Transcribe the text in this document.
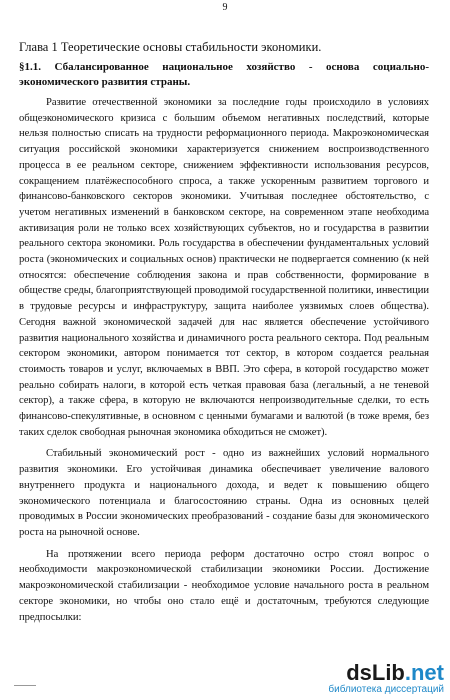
9
Глава 1 Теоретические основы стабильности экономики.
§1.1. Сбалансированное национальное хозяйство - основа социально-экономического развития страны.

Развитие отечественной экономики за последние годы происходило в условиях общеэкономического кризиса с большим объемом негативных последствий, которые нельзя полностью списать на трудности реформационного периода. Макроэкономическая ситуация российской экономики характеризуется снижением воспроизводственного процесса в ее реальном секторе, снижением эффективности использования ресурсов, сокращением платёжеспособного спроса, а также ускоренным развитием торгового и финансово-банковского секторов экономики. Учитывая последнее обстоятельство, с учетом негативных изменений в банковском секторе, на современном этапе необходима активизация роли не только всех хозяйствующих субъектов, но и государства в развитии реального сектора экономики. Роль государства в обеспечении фундаментальных условий роста (экономических и социальных основ) практически не подвергается сомнению (к ней относятся: обеспечение соблюдения закона и прав собственности, формирование в обществе среды, благоприятствующей проводимой государственной политики, инвестиции в трудовые ресурсы и инфраструктуру, защита наиболее уязвимых слоев общества). Сегодня важной экономической задачей для нас является обеспечение устойчивого развития национального хозяйства и динамичного роста реального сектора. Под реальным сектором экономики, автором понимается тот сектор, в котором создается реальная стоимость товаров и услуг, включаемых в ВВП. Это сфера, в которой государство может реально собирать налоги, в которой есть четкая правовая база (легальный, а не теневой сектор), а также сфера, в которую не включаются непроизводительные сделки, то есть финансово-спекулятивные, в основном с ценными бумагами и валютой (в тоже время, без таких сделок свободная рыночная экономика обходиться не сможет).

Стабильный экономический рост - одно из важнейших условий нормального развития экономики. Его устойчивая динамика обеспечивает увеличение валового внутреннего продукта и национального дохода, и ведет к повышению общего экономического потенциала и благосостоянию страны. Одна из основных целей проводимых в России экономических преобразований - создание базы для экономического роста на рыночной основе.

На протяжении всего периода реформ достаточно остро стоял вопрос о необходимости макроэкономической стабилизации экономики России. Достижение макроэкономической стабилизации - необходимое условие начального роста в реальном секторе экономики, но чтобы оно стало ещё и достаточным, требуются следующие предпосылки:

dsLib.net
библиотека диссертаций
